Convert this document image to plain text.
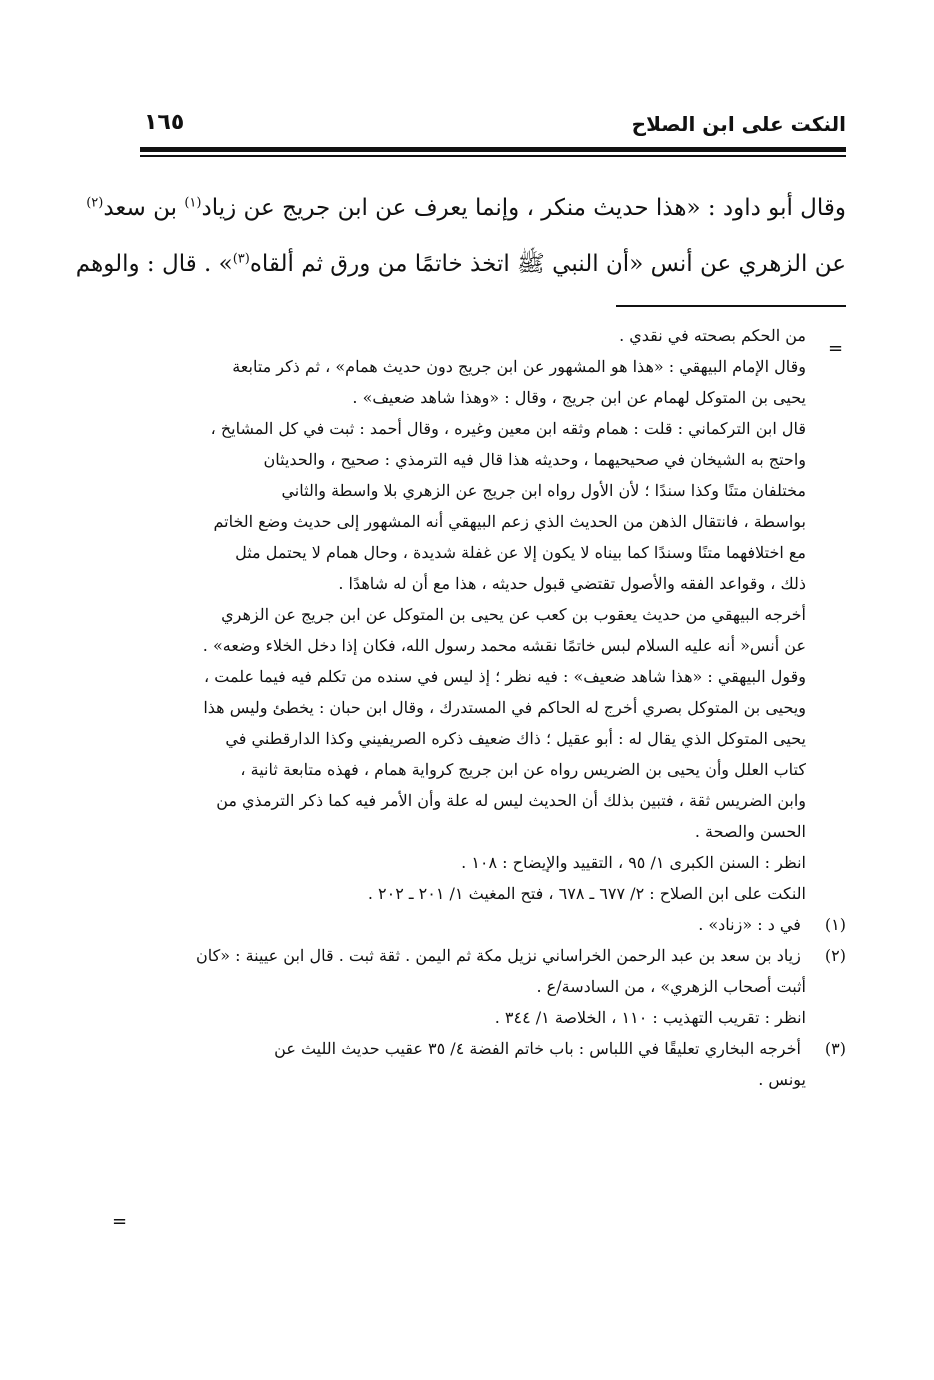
النكت على ابن الصلاح
١٦٥
وقال أبو داود : «هذا حديث منكر ، وإنما يعرف عن ابن جريج عن زياد$^{(١)}$ بن سعد$^{(٢)}$
عن الزهري عن أنس «أن النبي ﷺ اتخذ خاتمًا من ورق ثم ألقاه$^{(٣)}$» . قال : والوهم
=
من الحكم بصحته في نقدي .
وقال الإمام البيهقي : «هذا هو المشهور عن ابن جريج دون حديث همام» ، ثم ذكر متابعة
يحيى بن المتوكل لهمام عن ابن جريج ، وقال : «وهذا شاهد ضعيف» .
قال ابن التركماني : قلت : همام وثقه ابن معين وغيره ، وقال أحمد : ثبت في كل المشايخ ،
واحتج به الشيخان في صحيحيهما ، وحديثه هذا قال فيه الترمذي : صحيح ، والحديثان
مختلفان متنًا وكذا سندًا ؛ لأن الأول رواه ابن جريج عن الزهري بلا واسطة والثاني
بواسطة ، فانتقال الذهن من الحديث الذي زعم البيهقي أنه المشهور إلى حديث وضع الخاتم
مع اختلافهما متنًا وسندًا كما بيناه لا يكون إلا عن غفلة شديدة ، وحال همام لا يحتمل مثل
ذلك ، وقواعد الفقه والأصول تقتضي قبول حديثه ، هذا مع أن له شاهدًا .
أخرجه البيهقي من حديث يعقوب بن كعب عن يحيى بن المتوكل عن ابن جريج عن الزهري
عن أنس« أنه عليه السلام لبس خاتمًا نقشه محمد رسول الله، فكان إذا دخل الخلاء وضعه» .
وقول البيهقي : «هذا شاهد ضعيف» : فيه نظر ؛ إذ ليس في سنده من تكلم فيه فيما علمت ،
ويحيى بن المتوكل بصري أخرج له الحاكم في المستدرك ، وقال ابن حبان : يخطئ وليس هذا
يحيى المتوكل الذي يقال له : أبو عقيل ؛ ذاك ضعيف ذكره الصريفيني وكذا الدارقطني في
كتاب العلل وأن يحيى بن الضريس رواه عن ابن جريج كرواية همام ، فهذه متابعة ثانية ،
وابن الضريس ثقة ، فتبين بذلك أن الحديث ليس له علة وأن الأمر فيه كما ذكر الترمذي من
الحسن والصحة .
انظر : السنن الكبرى ١/ ٩٥ ، التقييد والإيضاح : ١٠٨ .
النكت على ابن الصلاح : ٢/ ٦٧٧ ـ ٦٧٨ ، فتح المغيث ١/ ٢٠١ ـ ٢٠٢ .
(١) في د : «زناد» .
(٢) زياد بن سعد بن عبد الرحمن الخراساني نزيل مكة ثم اليمن . ثقة ثبت . قال ابن عيينة : «كان
أثبت أصحاب الزهري» ، من السادسة/ع .
انظر : تقريب التهذيب : ١١٠ ، الخلاصة ١/ ٣٤٤ .
(٣) أخرجه البخاري تعليقًا في اللباس : باب خاتم الفضة ٤/ ٣٥ عقيب حديث الليث عن
يونس .
=
